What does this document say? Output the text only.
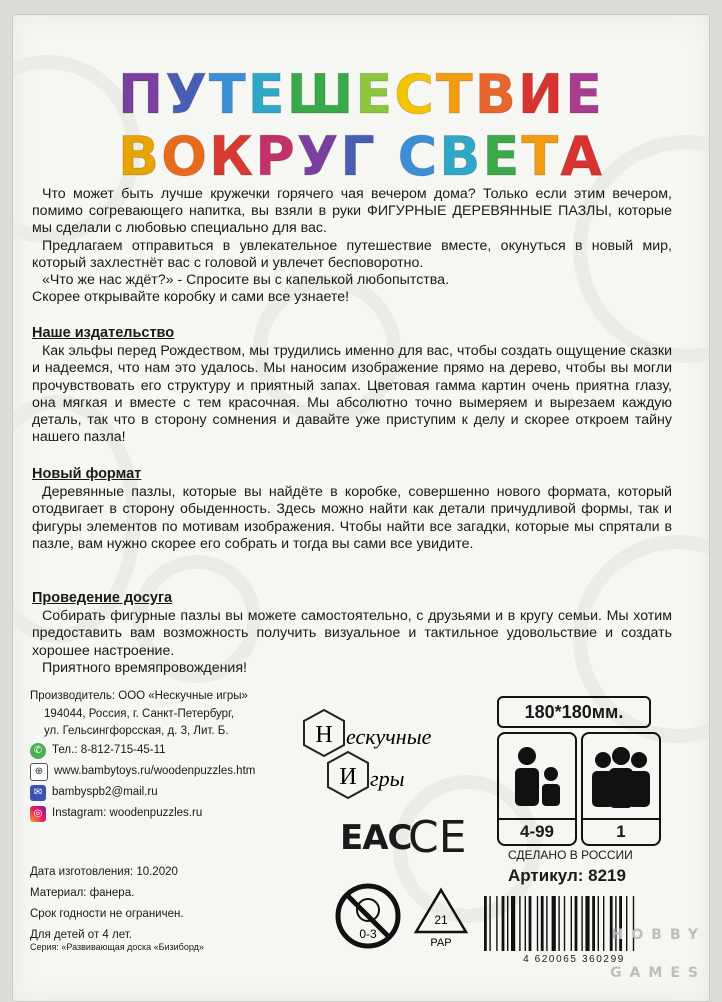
ПУТЕШЕСТВИЕ
ВОКРУГ СВЕТА

Что может быть лучше кружечки горячего чая вечером дома? Только если этим вечером, помимо согревающего напитка, вы взяли в руки ФИГУРНЫЕ ДЕРЕВЯННЫЕ ПАЗЛЫ, которые мы сделали с любовью специально для вас.

Предлагаем отправиться в увлекательное путешествие вместе, окунуться в новый мир, который захлестнёт вас с головой и увлечет бесповоротно.

«Что же нас ждёт?» - Спросите вы с капелькой любопытства.

Скорее открывайте коробку и сами все узнаете!

Наше издательство

Как эльфы перед Рождеством, мы трудились именно для вас, чтобы создать ощущение сказки и надеемся, что нам это удалось. Мы наносим изображение прямо на дерево, чтобы вы могли прочувствовать его структуру и приятный запах. Цветовая гамма картин очень приятна глазу, она мягкая и вместе с тем красочная. Мы абсолютно точно вымеряем и вырезаем каждую деталь, так что в сторону сомнения и давайте уже приступим к делу и скорее откроем тайну нашего пазла!

Новый формат

Деревянные пазлы, которые вы найдёте в коробке, совершенно нового формата, который отодвигает в сторону обыденность. Здесь можно найти как детали причудливой формы, так и фигуры элементов по мотивам изображения. Чтобы найти все загадки, которые мы спрятали в пазле, вам нужно скорее его собрать и тогда вы сами все увидите.

Проведение досуга

Собирать фигурные пазлы вы можете самостоятельно, с друзьями и в кругу семьи. Мы хотим предоставить вам возможность получить визуальное и тактильное удовольствие и создать хорошее настроение.

Приятного времяпровождения!

Производитель: ООО «Нескучные игры»
194044, Россия, г. Санкт-Петербург,
ул. Гельсингфорсская, д. 3, Лит. Б.
✆ Тел.: 8-812-715-45-11
⊕ www.bambytoys.ru/woodenpuzzles.htm
✉ bambyspb2@mail.ru
◎ Instagram: woodenpuzzles.ru
Дата изготовления: 10.2020
Материал: фанера.
Срок годности не ограничен.
Для детей от 4 лет.
Серия: «Развивающая доска «Бизиборд»
Н
И
ескучные
гры
EAC
CE
0-3
21
PAP
180*180мм.
4-99	1
СДЕЛАНО В РОССИИ
Артикул: 8219
4 620065 360299
HOBBY
GAMES
